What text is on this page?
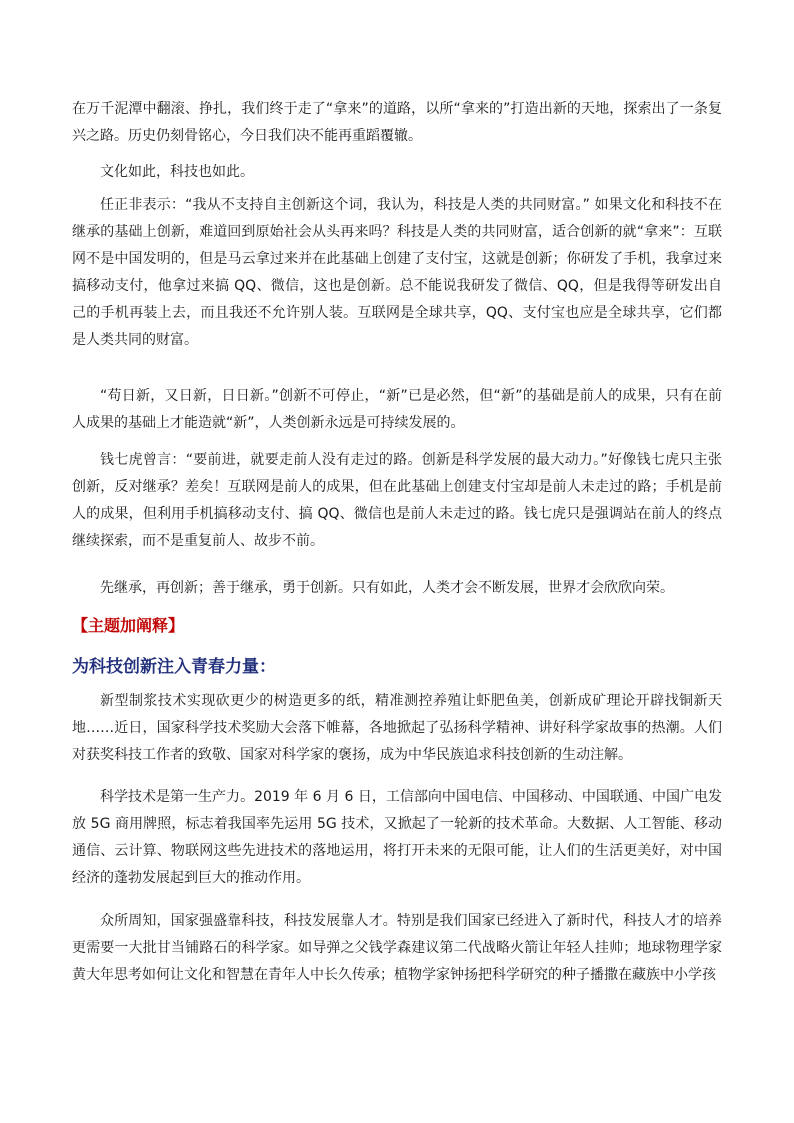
在万千泥潭中翻滚、挣扎，我们终于走了“拿来”的道路，以所“拿来的”打造出新的天地，探索出了一条复兴之路。历史仍刻骨铭心，今日我们决不能再重蹈覆辙。

文化如此，科技也如此。

任正非表示：“我从不支持自主创新这个词，我认为，科技是人类的共同财富。” 如果文化和科技不在继承的基础上创新，难道回到原始社会从头再来吗？科技是人类的共同财富，适合创新的就“拿来”：互联网不是中国发明的，但是马云拿过来并在此基础上创建了支付宝，这就是创新；你研发了手机，我拿过来搞移动支付，他拿过来搞 QQ、微信，这也是创新。总不能说我研发了微信、QQ，但是我得等研发出自己的手机再装上去，而且我还不允许别人装。互联网是全球共享，QQ、支付宝也应是全球共享，它们都是人类共同的财富。

“苟日新，又日新，日日新。”创新不可停止，“新”已是必然，但“新”的基础是前人的成果，只有在前人成果的基础上才能造就“新”，人类创新永远是可持续发展的。

钱七虎曾言：“要前进，就要走前人没有走过的路。创新是科学发展的最大动力。”好像钱七虎只主张创新，反对继承？差矣！互联网是前人的成果，但在此基础上创建支付宝却是前人未走过的路；手机是前人的成果，但利用手机搞移动支付、搞 QQ、微信也是前人未走过的路。钱七虎只是强调站在前人的终点继续探索，而不是重复前人、故步不前。

先继承，再创新；善于继承，勇于创新。只有如此，人类才会不断发展，世界才会欣欣向荣。

【主题加阐释】
为科技创新注入青春力量：

新型制浆技术实现砍更少的树造更多的纸，精准测控养殖让虾肥鱼美，创新成矿理论开辟找铜新天地……近日，国家科学技术奖励大会落下帷幕，各地掀起了弘扬科学精神、讲好科学家故事的热潮。人们对获奖科技工作者的致敬、国家对科学家的褒扬，成为中华民族追求科技创新的生动注解。

科学技术是第一生产力。2019 年 6 月 6 日，工信部向中国电信、中国移动、中国联通、中国广电发放 5G 商用牌照，标志着我国率先运用 5G 技术，又掀起了一轮新的技术革命。大数据、人工智能、移动通信、云计算、物联网这些先进技术的落地运用，将打开未来的无限可能，让人们的生活更美好，对中国经济的蓬勃发展起到巨大的推动作用。

众所周知，国家强盛靠科技，科技发展靠人才。特别是我们国家已经进入了新时代，科技人才的培养更需要一大批甘当铺路石的科学家。如导弹之父钱学森建议第二代战略火箭让年轻人挂帅；地球物理学家黄大年思考如何让文化和智慧在青年人中长久传承；植物学家钟扬把科学研究的种子播撒在藏族中小学孩
